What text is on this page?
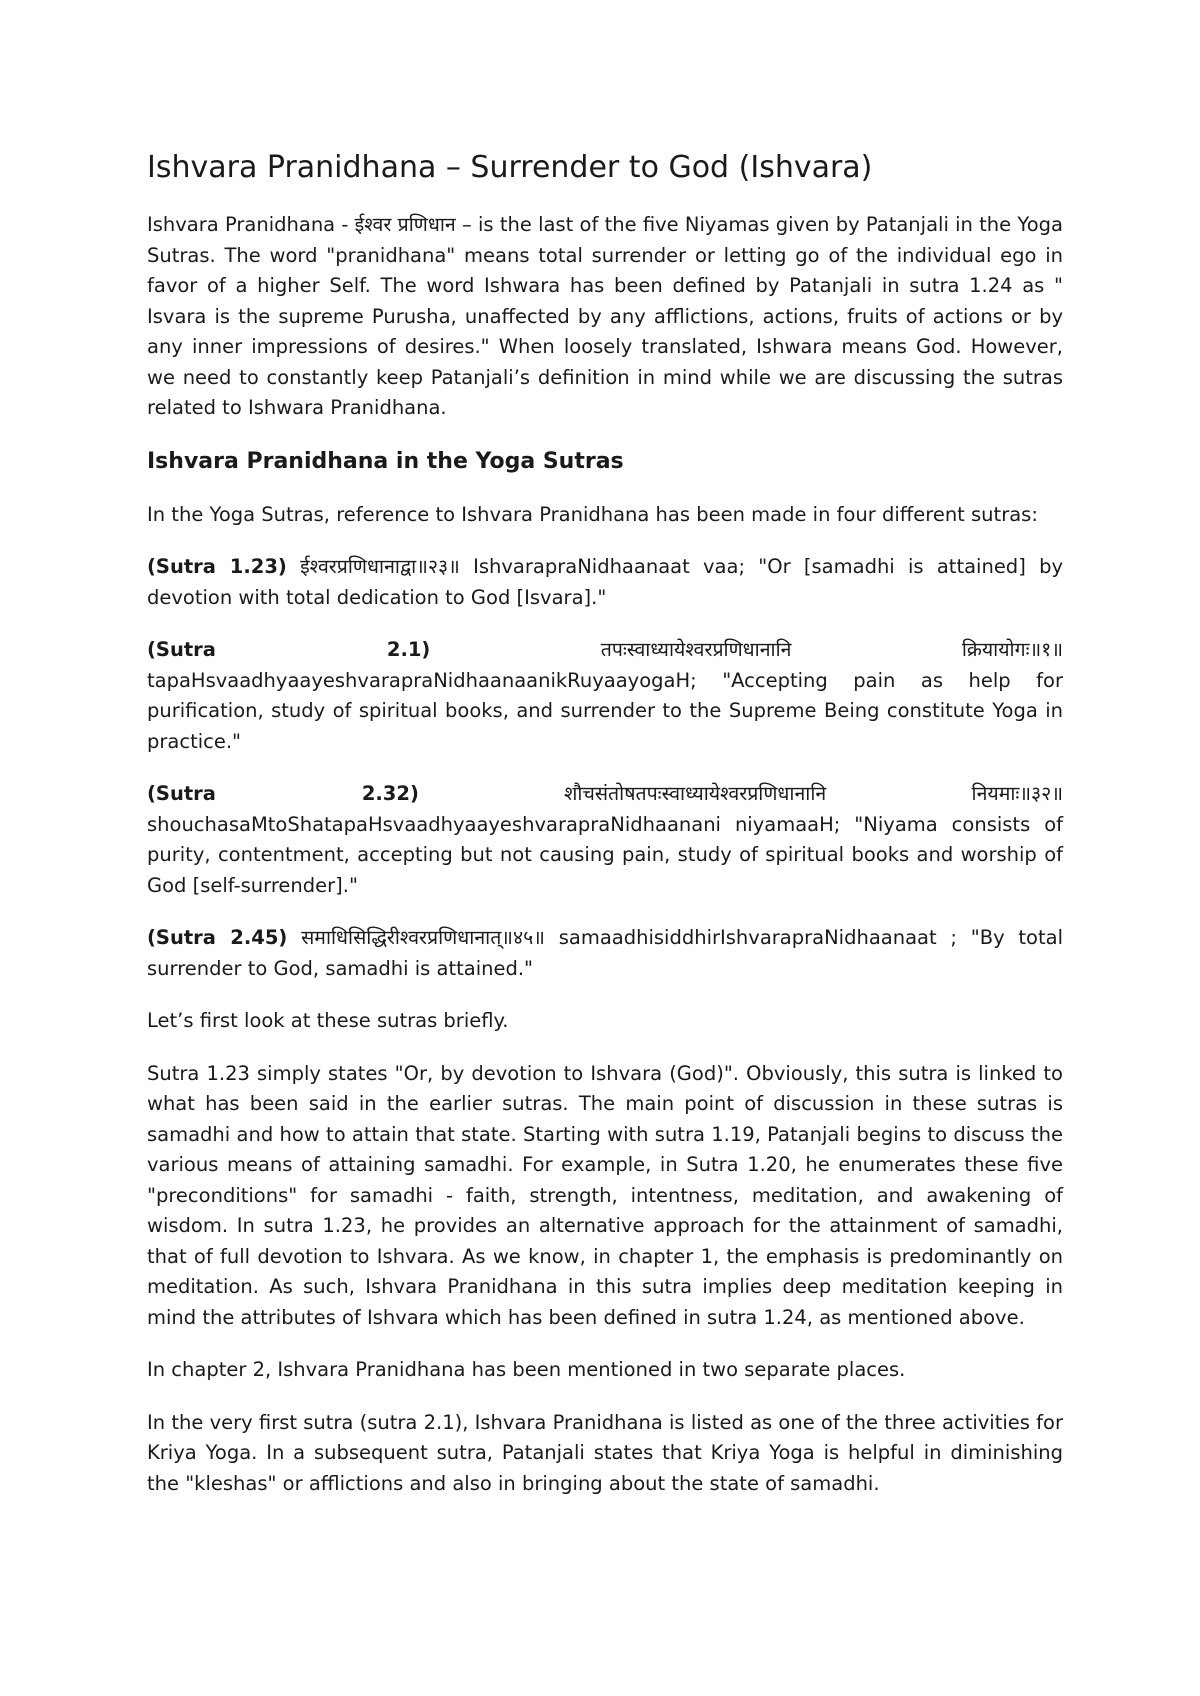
Ishvara Pranidhana – Surrender to God (Ishvara)

Ishvara Pranidhana - ईश्वर प्रणिधान – is the last of the five Niyamas given by Patanjali in the Yoga Sutras. The word "pranidhana" means total surrender or letting go of the individual ego in favor of a higher Self. The word Ishwara has been defined by Patanjali in sutra 1.24 as " Isvara is the supreme Purusha, unaffected by any afflictions, actions, fruits of actions or by any inner impressions of desires." When loosely translated, Ishwara means God. However, we need to constantly keep Patanjali’s definition in mind while we are discussing the sutras related to Ishwara Pranidhana.

Ishvara Pranidhana in the Yoga Sutras

In the Yoga Sutras, reference to Ishvara Pranidhana has been made in four different sutras:

(Sutra 1.23) ईश्वरप्रणिधानाद्वा॥२३॥ IshvarapraNidhaanaat vaa; "Or [samadhi is attained] by devotion with total dedication to God [Isvara]."

(Sutra 2.1) तपःस्वाध्यायेश्वरप्रणिधानानि क्रियायोगः॥१॥ tapaHsvaadhyaayeshvarapraNidhaanaanikRuyaayogaH; "Accepting pain as help for purification, study of spiritual books, and surrender to the Supreme Being constitute Yoga in practice."

(Sutra 2.32) शौचसंतोषतपःस्वाध्यायेश्वरप्रणिधानानि नियमाः॥३२॥ shouchasaMtoShatapaHsvaadhyaayeshvarapraNidhaanani niyamaaH; "Niyama consists of purity, contentment, accepting but not causing pain, study of spiritual books and worship of God [self-surrender]."

(Sutra 2.45) समाधिसिद्धिरीश्वरप्रणिधानात्॥४५॥ samaadhisiddhirIshvarapraNidhaanaat ; "By total surrender to God, samadhi is attained."

Let’s first look at these sutras briefly.

Sutra 1.23 simply states "Or, by devotion to Ishvara (God)". Obviously, this sutra is linked to what has been said in the earlier sutras. The main point of discussion in these sutras is samadhi and how to attain that state. Starting with sutra 1.19, Patanjali begins to discuss the various means of attaining samadhi. For example, in Sutra 1.20, he enumerates these five "preconditions" for samadhi - faith, strength, intentness, meditation, and awakening of wisdom. In sutra 1.23, he provides an alternative approach for the attainment of samadhi, that of full devotion to Ishvara. As we know, in chapter 1, the emphasis is predominantly on meditation. As such, Ishvara Pranidhana in this sutra implies deep meditation keeping in mind the attributes of Ishvara which has been defined in sutra 1.24, as mentioned above.

In chapter 2, Ishvara Pranidhana has been mentioned in two separate places.

In the very first sutra (sutra 2.1), Ishvara Pranidhana is listed as one of the three activities for Kriya Yoga. In a subsequent sutra, Patanjali states that Kriya Yoga is helpful in diminishing the "kleshas" or afflictions and also in bringing about the state of samadhi.
